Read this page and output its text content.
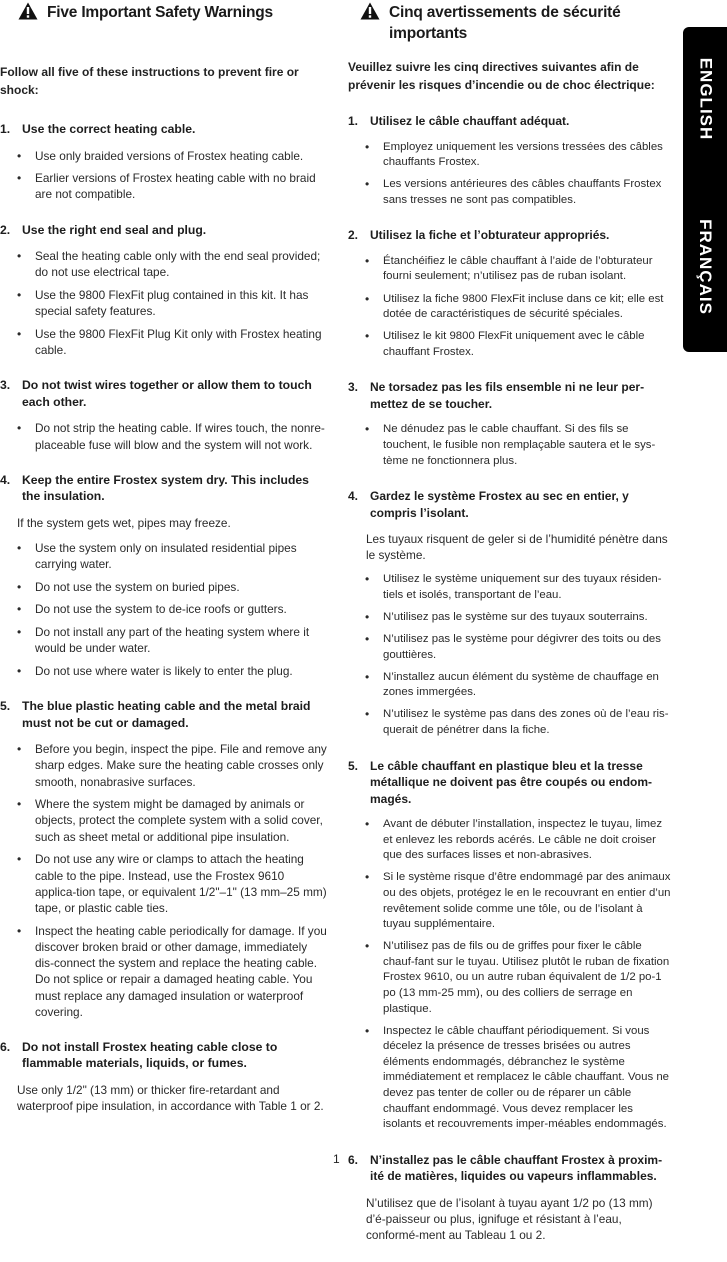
Five Important Safety Warnings
Follow all five of these instructions to prevent fire or shock:
1. Use the correct heating cable.
• Use only braided versions of Frostex heating cable.
• Earlier versions of Frostex heating cable with no braid are not compatible.
2. Use the right end seal and plug.
• Seal the heating cable only with the end seal provided; do not use electrical tape.
• Use the 9800 FlexFit plug contained in this kit. It has special safety features.
• Use the 9800 FlexFit Plug Kit only with Frostex heating cable.
3. Do not twist wires together or allow them to touch each other.
• Do not strip the heating cable. If wires touch, the nonre-placeable fuse will blow and the system will not work.
4. Keep the entire Frostex system dry. This includes the insulation.
If the system gets wet, pipes may freeze.
• Use the system only on insulated residential pipes carrying water.
• Do not use the system on buried pipes.
• Do not use the system to de-ice roofs or gutters.
• Do not install any part of the heating system where it would be under water.
• Do not use where water is likely to enter the plug.
5. The blue plastic heating cable and the metal braid must not be cut or damaged.
• Before you begin, inspect the pipe. File and remove any sharp edges. Make sure the heating cable crosses only smooth, nonabrasive surfaces.
• Where the system might be damaged by animals or objects, protect the complete system with a solid cover, such as sheet metal or additional pipe insulation.
• Do not use any wire or clamps to attach the heating cable to the pipe. Instead, use the Frostex 9610 applica-tion tape, or equivalent 1/2"–1" (13 mm–25 mm) tape, or plastic cable ties.
• Inspect the heating cable periodically for damage. If you discover broken braid or other damage, immediately dis-connect the system and replace the heating cable. Do not splice or repair a damaged heating cable. You must replace any damaged insulation or waterproof covering.
6. Do not install Frostex heating cable close to flammable materials, liquids, or fumes.
Use only 1/2" (13 mm) or thicker fire-retardant and waterproof pipe insulation, in accordance with Table 1 or 2.
Cinq avertissements de sécurité importants
Veuillez suivre les cinq directives suivantes afin de prévenir les risques d’incendie ou de choc électrique:
1. Utilisez le câble chauffant adéquat.
• Employez uniquement les versions tressées des câbles chauffants Frostex.
• Les versions antérieures des câbles chauffants Frostex sans tresses ne sont pas compatibles.
2. Utilisez la fiche et l’obturateur appropriés.
• Étanchéifiez le câble chauffant à l’aide de l’obturateur fourni seulement; n’utilisez pas de ruban isolant.
• Utilisez la fiche 9800 FlexFit incluse dans ce kit; elle est dotée de caractéristiques de sécurité spéciales.
• Utilisez le kit 9800 FlexFit uniquement avec le câble chauffant Frostex.
3. Ne torsadez pas les fils ensemble ni ne leur per-mettez de se toucher.
• Ne dénudez pas le cable chauffant. Si des fils se touchent, le fusible non remplaçable sautera et le sys-tème ne fonctionnera plus.
4. Gardez le système Frostex au sec en entier, y compris l’isolant.
Les tuyaux risquent de geler si de l’humidité pénètre dans le système.
• Utilisez le système uniquement sur des tuyaux résiden-tiels et isolés, transportant de l’eau.
• N’utilisez pas le système sur des tuyaux souterrains.
• N’utilisez pas le système pour dégivrer des toits ou des gouttières.
• N’installez aucun élément du système de chauffage en zones immergées.
• N’utilisez le système pas dans des zones où de l’eau ris-querait de pénétrer dans la fiche.
5. Le câble chauffant en plastique bleu et la tresse métallique ne doivent pas être coupés ou endom-magés.
• Avant de débuter l’installation, inspectez le tuyau, limez et enlevez les rebords acérés. Le câble ne doit croiser que des surfaces lisses et non-abrasives.
• Si le système risque d’être endommagé par des animaux ou des objets, protégez le en le recouvrant en entier d’un revêtement solide comme une tôle, ou de l’isolant à tuyau supplémentaire.
• N’utilisez pas de fils ou de griffes pour fixer le câble chauf-fant sur le tuyau. Utilisez plutôt le ruban de fixation Frostex 9610, ou un autre ruban équivalent de 1/2 po-1 po (13 mm-25 mm), ou des colliers de serrage en plastique.
• Inspectez le câble chauffant périodiquement. Si vous décelez la présence de tresses brisées ou autres éléments endommagés, débranchez le système immédiatement et remplacez le câble chauffant. Vous ne devez pas tenter de coller ou de réparer un câble chauffant endommagé. Vous devez remplacer les isolants et recouvrements imper-méables endommagés.
6. N’installez pas le câble chauffant Frostex à proxim-ité de matières, liquides ou vapeurs inflammables.
N’utilisez que de l’isolant à tuyau ayant 1/2 po (13 mm) d’é-paisseur ou plus, ignifuge et résistant à l’eau, conformé-ment au Tableau 1 ou 2.
ENGLISH
FRANÇAIS
1
